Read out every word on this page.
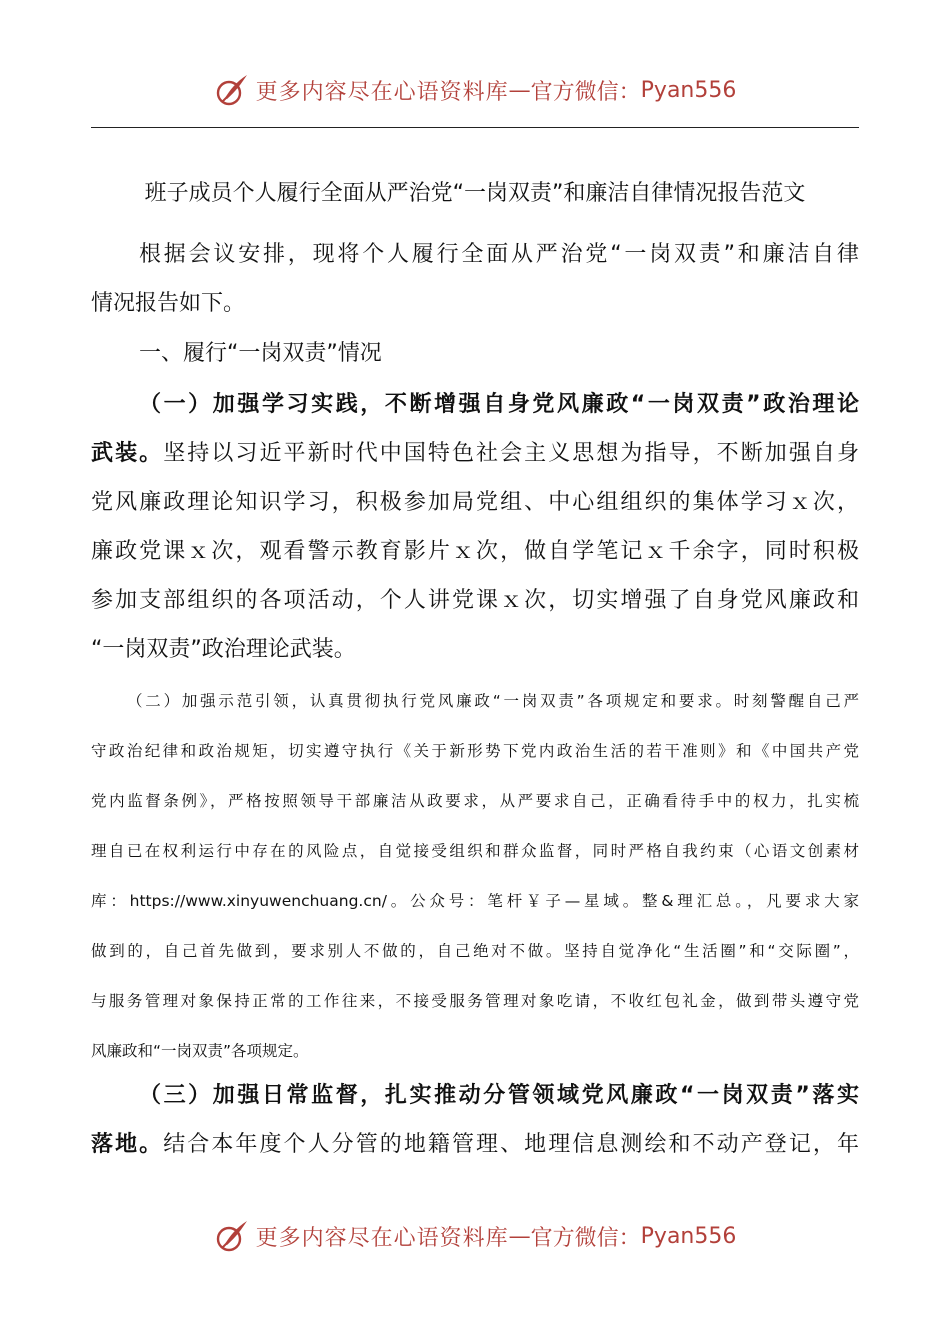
更多内容尽在心语资料库 — 官方微信： Pyan556
班子成员个人履行全面从严治党“一岗双责”和廉洁自律情况报告范文
根据会议安排，现将个人履行全面从严治党“一岗双责”和廉洁自律
情况报告如下。
一、履行“一岗双责”情况
（一）加强学习实践，不断增强自身党风廉政“一岗双责”政治理论
武装。坚持以习近平新时代中国特色社会主义思想为指导，不断加强自身
党风廉政理论知识学习，积极参加局党组、中心组组织的集体学习ｘ次，
廉政党课ｘ次，观看警示教育影片ｘ次，做自学笔记ｘ千余字，同时积极
参加支部组织的各项活动，个人讲党课ｘ次，切实增强了自身党风廉政和
“一岗双责”政治理论武装。
（二）加强示范引领，认真贯彻执行党风廉政“一岗双责”各项规定和要求。时刻警醒自己严
守政治纪律和政治规矩，切实遵守执行《关于新形势下党内政治生活的若干准则》和《中国共产党
党内监督条例》，严格按照领导干部廉洁从政要求，从严要求自己，正确看待手中的权力，扎实梳
理自已在权利运行中存在的风险点，自觉接受组织和群众监督，同时严格自我约束（心语文创素材
库：https://www.xinyuwenchuang.cn/。公众号：笔杆￥子—星域。整&理汇总。，凡要求大家
做到的，自己首先做到，要求别人不做的，自己绝对不做。坚持自觉净化“生活圈”和“交际圈”，
与服务管理对象保持正常的工作往来，不接受服务管理对象吃请，不收红包礼金，做到带头遵守党
风廉政和“一岗双责”各项规定。
（三）加强日常监督，扎实推动分管领域党风廉政“一岗双责”落实
落地。结合本年度个人分管的地籍管理、地理信息测绘和不动产登记，年
更多内容尽在心语资料库 — 官方微信： Pyan556
